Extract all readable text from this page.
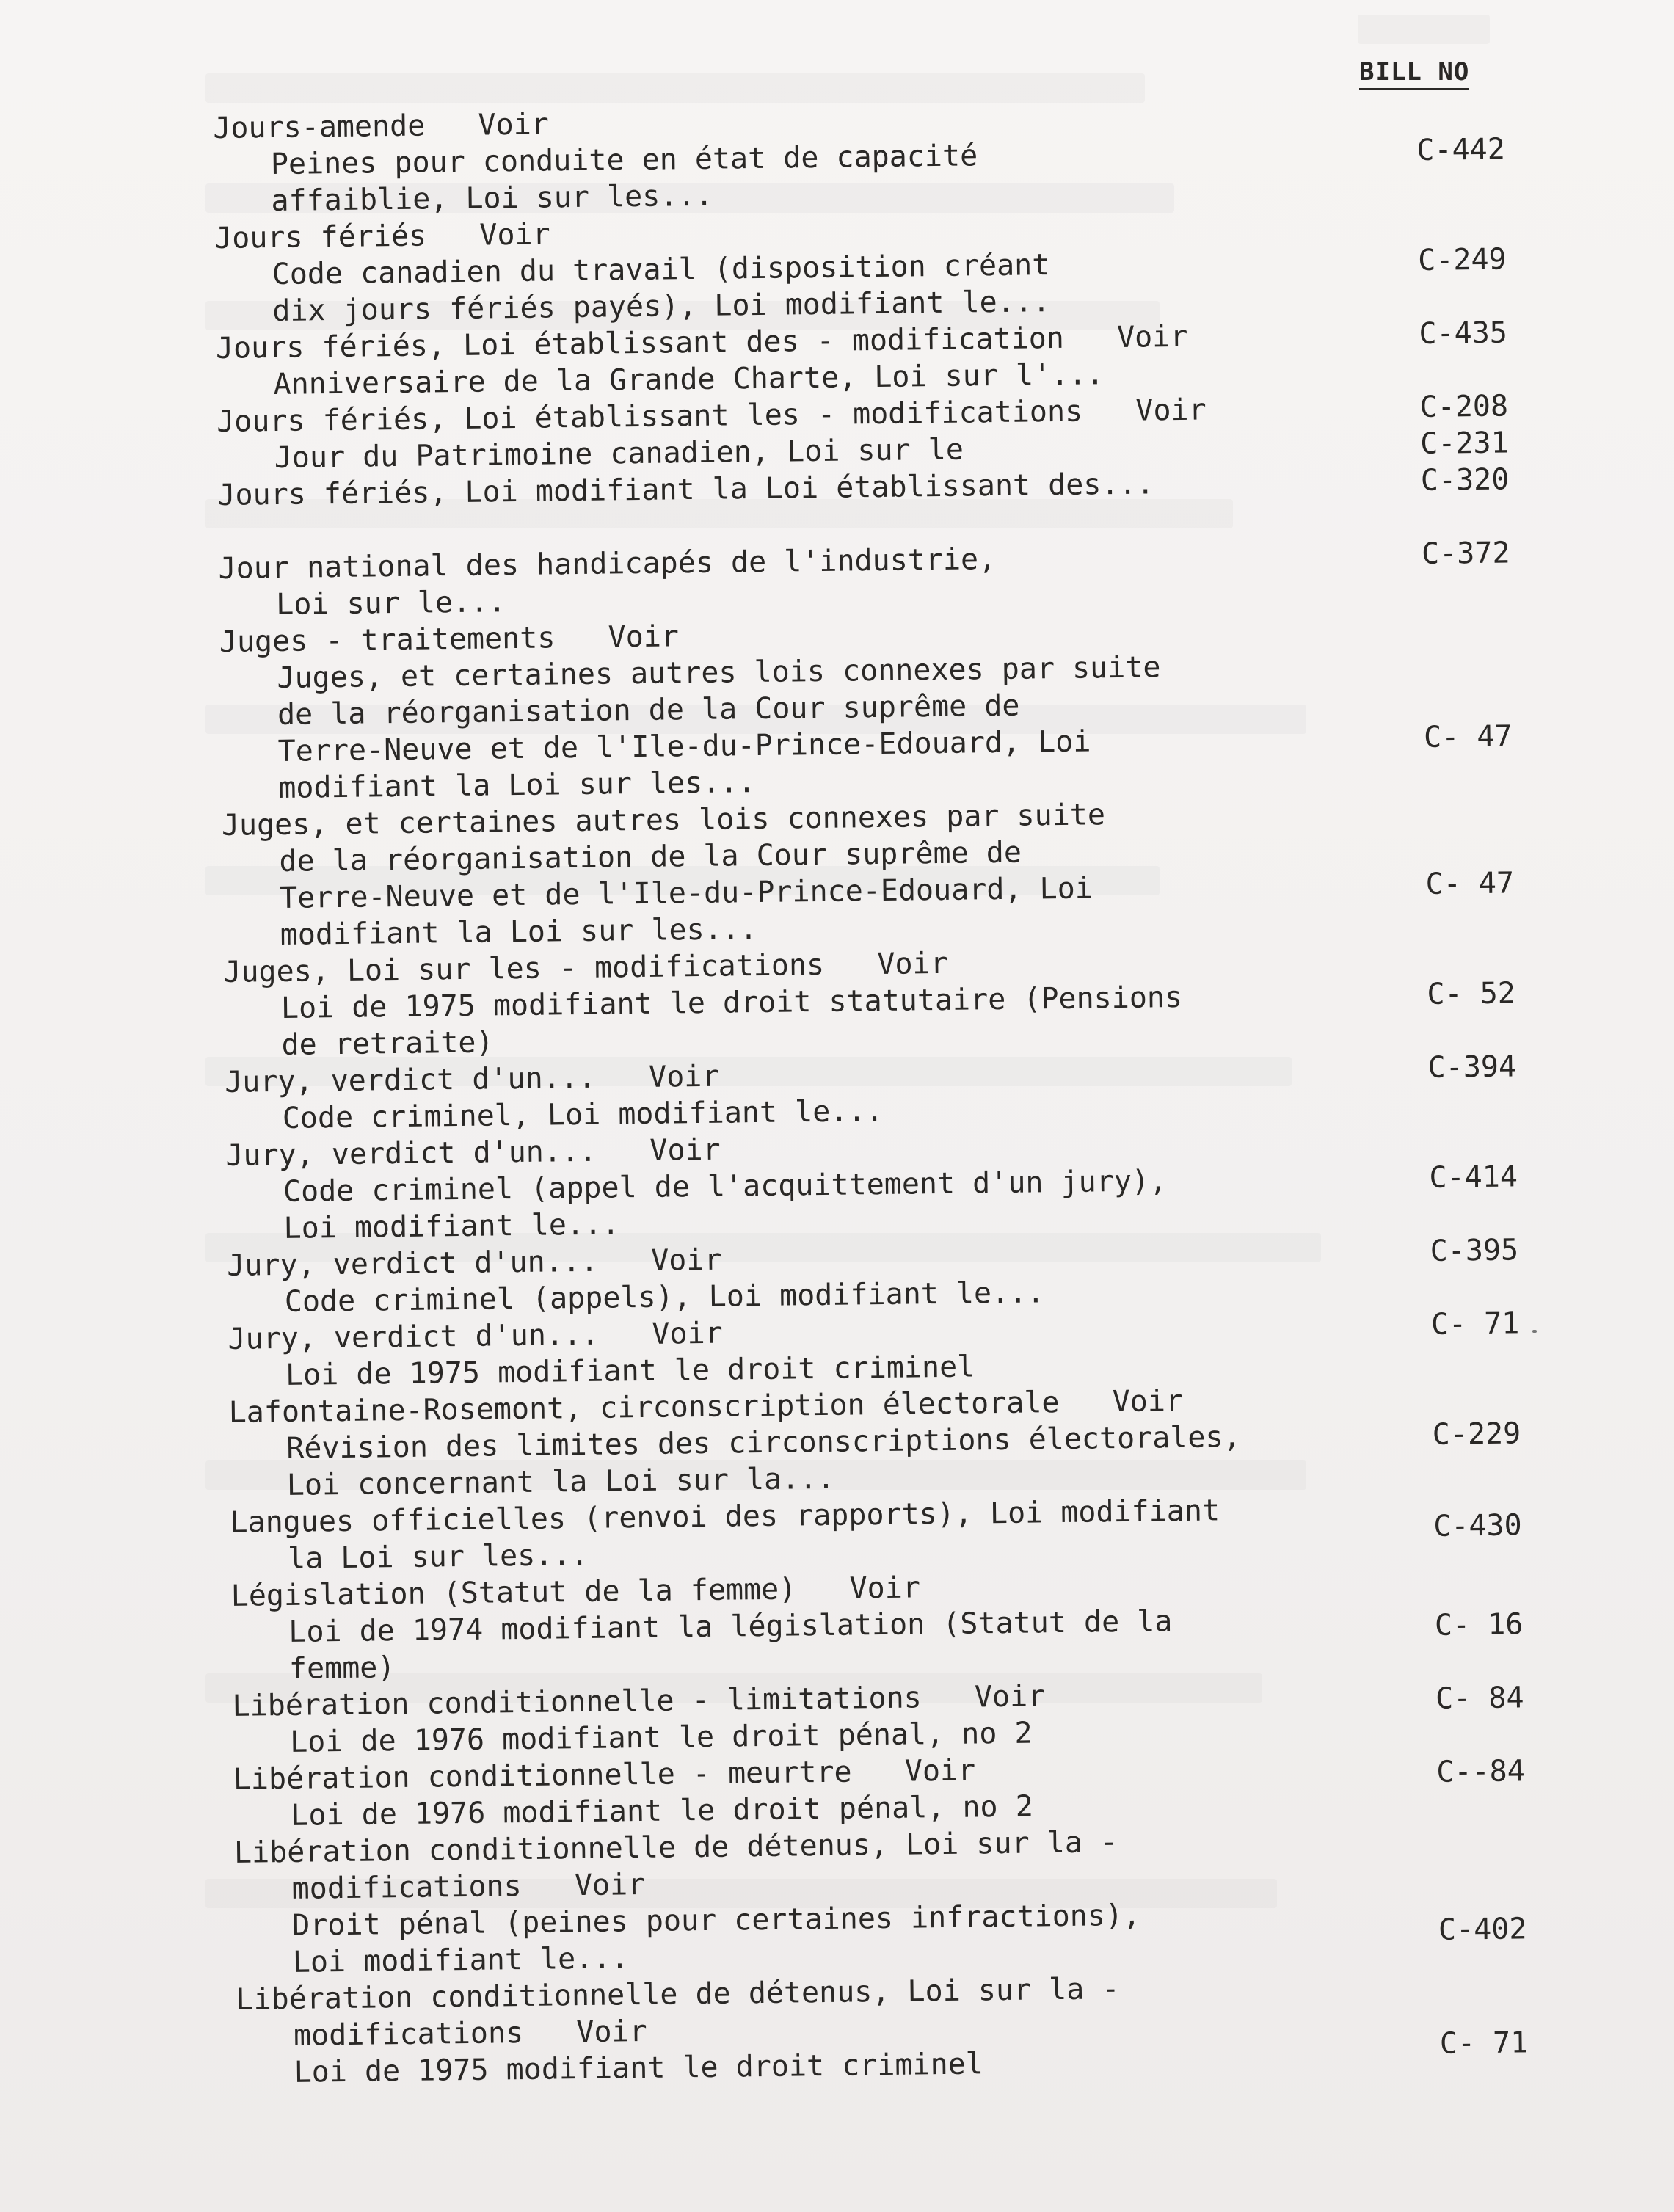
BILL NO
Jours-amende   Voir
Peines pour conduite en état de capacité
affaiblie, Loi sur les...
C-442
Jours fériés   Voir
Code canadien du travail (disposition créant
dix jours fériés payés), Loi modifiant le...
C-249
Jours fériés, Loi établissant des - modification   Voir
Anniversaire de la Grande Charte, Loi sur l'...
C-435
Jours fériés, Loi établissant les - modifications   Voir
Jour du Patrimoine canadien, Loi sur le
C-208
C-231
Jours fériés, Loi modifiant la Loi établissant des...	C-320
Jour national des handicapés de l'industrie,
Loi sur le...
C-372
Juges - traitements   Voir
Juges, et certaines autres lois connexes par suite
de la réorganisation de la Cour suprême de
Terre-Neuve et de l'Ile-du-Prince-Edouard, Loi
modifiant la Loi sur les...
C- 47
Juges, et certaines autres lois connexes par suite
de la réorganisation de la Cour suprême de
Terre-Neuve et de l'Ile-du-Prince-Edouard, Loi
modifiant la Loi sur les...
C- 47
Juges, Loi sur les - modifications   Voir
Loi de 1975 modifiant le droit statutaire (Pensions
de retraite)
C- 52
Jury, verdict d'un...   Voir
Code criminel, Loi modifiant le...
C-394
Jury, verdict d'un...   Voir
Code criminel (appel de l'acquittement d'un jury),
Loi modifiant le...
C-414
Jury, verdict d'un...   Voir
Code criminel (appels), Loi modifiant le...
C-395
Jury, verdict d'un...   Voir
Loi de 1975 modifiant le droit criminel
C- 71
Lafontaine-Rosemont, circonscription électorale   Voir
Révision des limites des circonscriptions électorales,
Loi concernant la Loi sur la...
C-229
Langues officielles (renvoi des rapports), Loi modifiant
la Loi sur les...
C-430
Législation (Statut de la femme)   Voir
Loi de 1974 modifiant la législation (Statut de la
femme)
C- 16
Libération conditionnelle - limitations   Voir
Loi de 1976 modifiant le droit pénal, no 2
C- 84
Libération conditionnelle - meurtre   Voir
Loi de 1976 modifiant le droit pénal, no 2
C--84
Libération conditionnelle de détenus, Loi sur la -
modifications   Voir
Droit pénal (peines pour certaines infractions),
Loi modifiant le...
C-402
Libération conditionnelle de détenus, Loi sur la -
modifications   Voir
Loi de 1975 modifiant le droit criminel
C- 71
